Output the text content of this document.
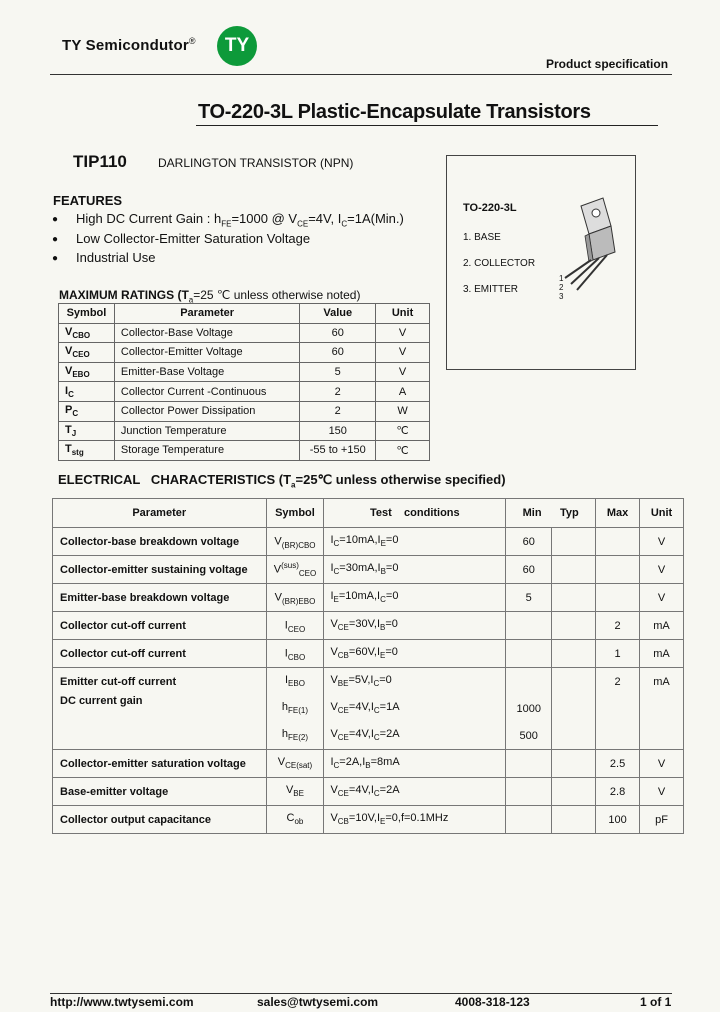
TY Semicondutor®	TY
Product specification
TO-220-3L Plastic-Encapsulate Transistors
TIP110	DARLINGTON TRANSISTOR (NPN)
TO-220-3L
1. BASE
2. COLLECTOR
3. EMITTER
1
2
3
FEATURES
● High DC Current Gain : $h_{FE}=1000$ @ $V_{CE}=4V$, $I_C=1A(Min.)$
● Low Collector-Emitter Saturation Voltage
● Industrial Use
MAXIMUM RATINGS ($T_a=25$ ℃ unless otherwise noted)
Symbol	Parameter	Value	Unit
$V_{CBO}$	Collector-Base Voltage	60	V
$V_{CEO}$	Collector-Emitter Voltage	60	V
$V_{EBO}$	Emitter-Base Voltage	5	V
$I_C$	Collector Current -Continuous	2	A
$P_C$	Collector Power Dissipation	2	W
$T_J$	Junction Temperature	150	℃
$T_{stg}$	Storage Temperature	-55 to +150	℃
ELECTRICAL   CHARACTERISTICS ($T_a=25℃$ unless otherwise specified)
Parameter	Symbol	Test    conditions	Min Typ		Max	Unit
Collector-base breakdown voltage	$V_{(BR)CBO}$	$I_C=10mA,I_E=0$	60			V
Collector-emitter sustaining voltage	$V^{(sus)}_{CEO}$	$I_C=30mA,I_B=0$	60			V
Emitter-base breakdown voltage	$V_{(BR)EBO}$	$I_E=10mA,I_C=0$	5			V
Collector cut-off current	$I_{CEO}$	$V_{CE}=30V,I_B=0$			2	mA
Collector cut-off current	$I_{CBO}$	$V_{CB}=60V,I_E=0$			1	mA
Emitter cut-off current	$I_{EBO}$	$V_{BE}=5V,I_C=0$			2	mA
DC current gain	$h_{FE(1)}$	$V_{CE}=4V,I_C=1A$	1000			
	$h_{FE(2)}$	$V_{CE}=4V,I_C=2A$	500			
Collector-emitter saturation voltage	$V_{CE(sat)}$	$I_C=2A,I_B=8mA$			2.5	V
Base-emitter voltage	$V_{BE}$	$V_{CE}=4V,I_C=2A$			2.8	V
Collector output capacitance	$C_{ob}$	$V_{CB}=10V,I_E=0,f=0.1MHz$			100	pF
http://www.twtysemi.com	sales@twtysemi.com	4008-318-123	1 of 1
